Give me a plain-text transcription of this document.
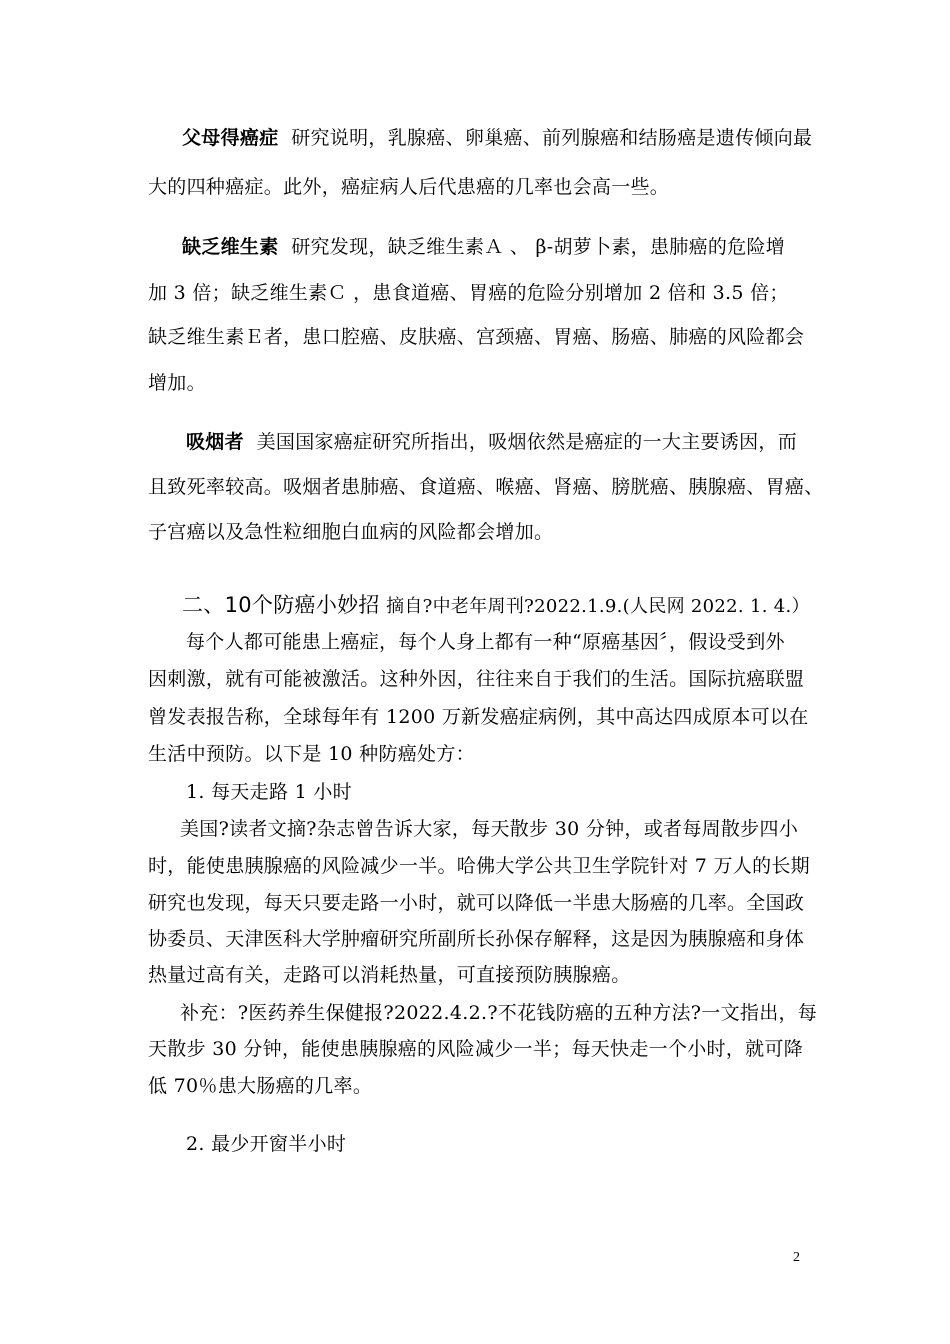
父母得癌症 研究说明，乳腺癌、卵巢癌、前列腺癌和结肠癌是遗传倾向最
大的四种癌症。此外，癌症病人后代患癌的几率也会高一些。
缺乏维生素 研究发现，缺乏维生素Ａ 、 β-胡萝卜素，患肺癌的危险增
加 3 倍；缺乏维生素Ｃ ，患食道癌、胃癌的危险分别增加 2 倍和 3.5 倍；
缺乏维生素Ｅ者，患口腔癌、皮肤癌、宫颈癌、胃癌、肠癌、肺癌的风险都会
增加。
吸烟者 美国国家癌症研究所指出，吸烟依然是癌症的一大主要诱因，而
且致死率较高。吸烟者患肺癌、食道癌、喉癌、肾癌、膀胱癌、胰腺癌、胃癌、
子宫癌以及急性粒细胞白血病的风险都会增加。
二、10个防癌小妙招 摘自?中老年周刊?2022.1.9.(人民网 2022. 1. 4.）
每个人都可能患上癌症，每个人身上都有一种“原癌基因〞，假设受到外
因刺激，就有可能被激活。这种外因，往往来自于我们的生活。国际抗癌联盟
曾发表报告称，全球每年有 1200 万新发癌症病例，其中高达四成原本可以在
生活中预防。以下是 10 种防癌处方：
1. 每天走路 1 小时
美国?读者文摘?杂志曾告诉大家，每天散步 30 分钟，或者每周散步四小
时，能使患胰腺癌的风险减少一半。哈佛大学公共卫生学院针对 7 万人的长期
研究也发现，每天只要走路一小时，就可以降低一半患大肠癌的几率。全国政
协委员、天津医科大学肿瘤研究所副所长孙保存解释，这是因为胰腺癌和身体
热量过高有关，走路可以消耗热量，可直接预防胰腺癌。
补充：?医药养生保健报?2022.4.2.?不花钱防癌的五种方法?一文指出，每
天散步 30 分钟，能使患胰腺癌的风险减少一半；每天快走一个小时，就可降
低 70％患大肠癌的几率。
2. 最少开窗半小时
2
